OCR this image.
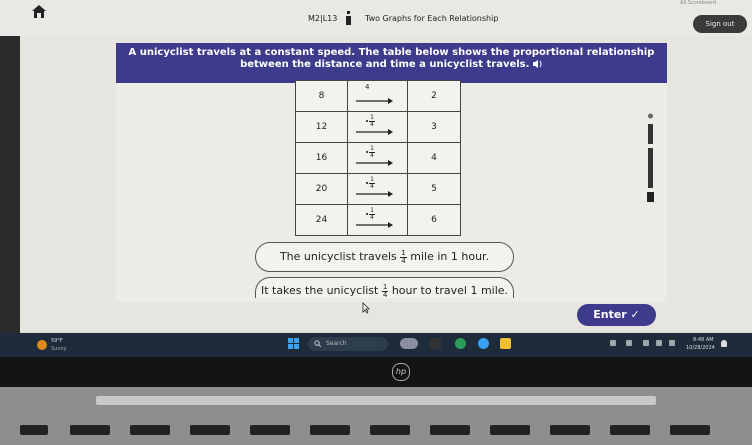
All Scoreboard
M2|L13	Two Graphs for Each Relationship
Sign out
A unicyclist travels at a constant speed. The table below shows the proportional relationship
between the distance and time a unicyclist travels.
8	4	2
12	• $\frac{1}{4}$	3
16	• $\frac{1}{4}$	4
20	• $\frac{1}{4}$	5
24	• $\frac{1}{4}$	6
The unicyclist travels $\frac{1}{4}$ mile in 1 hour.
It takes the unicyclist $\frac{1}{4}$ hour to travel 1 mile.
Enter ✓
59°F
Sunny
Search	8:48 AM
10/28/2024
hp
